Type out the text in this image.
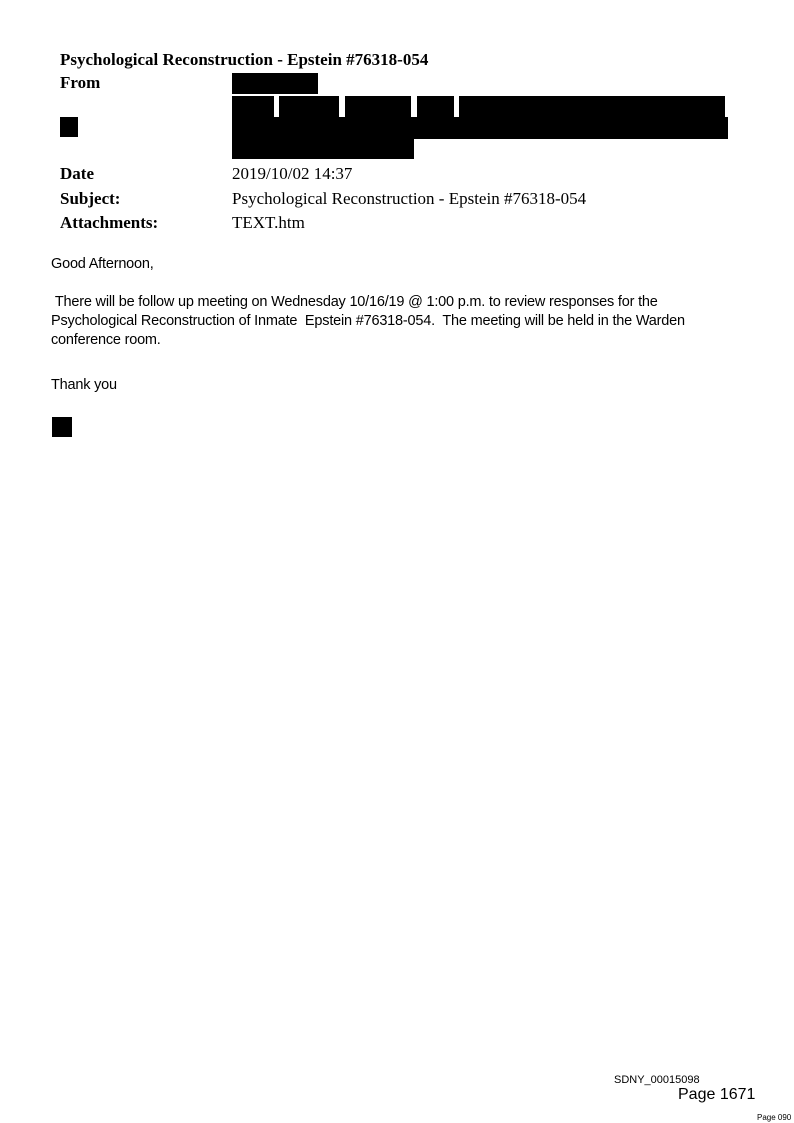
Psychological Reconstruction - Epstein #76318-054
From
Date	2019/10/02 14:37
Subject:	Psychological Reconstruction - Epstein #76318-054
Attachments:	TEXT.htm
Good Afternoon,
There will be follow up meeting on Wednesday 10/16/19 @ 1:00 p.m. to review responses for the Psychological Reconstruction of Inmate  Epstein #76318-054.  The meeting will be held in the Warden conference room.
Thank you
SDNY_00015098
Page 1671
Page 090
